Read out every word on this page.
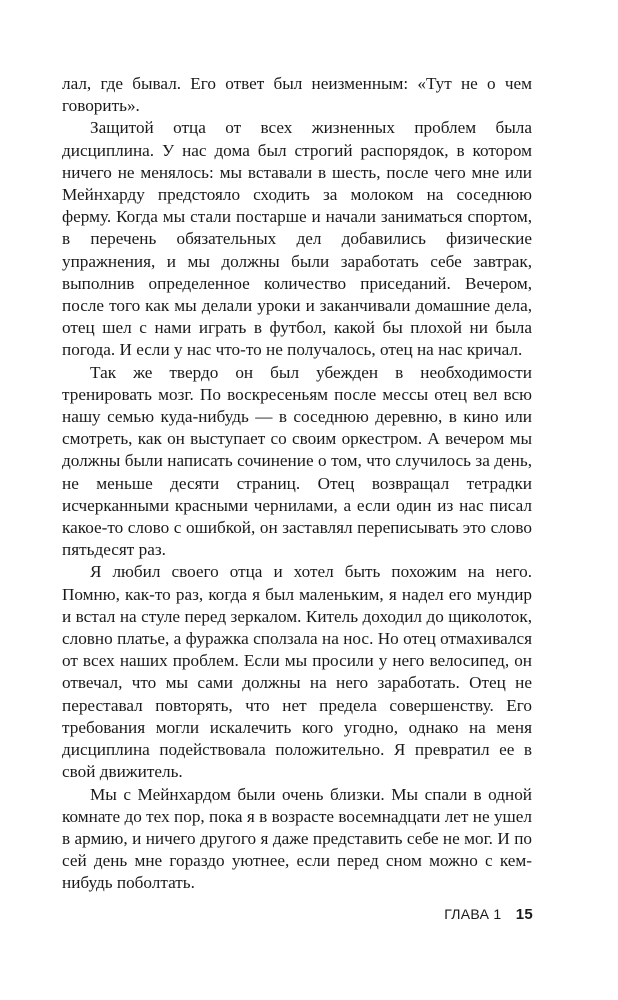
лал, где бывал. Его ответ был неизменным: «Тут не о чем говорить».

Защитой отца от всех жизненных проблем была дисциплина. У нас дома был строгий распорядок, в котором ничего не менялось: мы вставали в шесть, после чего мне или Мейнхарду предстояло сходить за молоком на соседнюю ферму. Когда мы стали постарше и начали заниматься спортом, в перечень обязательных дел добавились физические упражнения, и мы должны были заработать себе завтрак, выполнив определенное количество приседаний. Вечером, после того как мы делали уроки и заканчивали домашние дела, отец шел с нами играть в футбол, какой бы плохой ни была погода. И если у нас что-то не получалось, отец на нас кричал.

Так же твердо он был убежден в необходимости тренировать мозг. По воскресеньям после мессы отец вел всю нашу семью куда-нибудь — в соседнюю деревню, в кино или смотреть, как он выступает со своим оркестром. А вечером мы должны были написать сочинение о том, что случилось за день, не меньше десяти страниц. Отец возвращал тетрадки исчерканными красными чернилами, а если один из нас писал какое-то слово с ошибкой, он заставлял переписывать это слово пятьдесят раз.

Я любил своего отца и хотел быть похожим на него. Помню, как-то раз, когда я был маленьким, я надел его мундир и встал на стуле перед зеркалом. Китель доходил до щиколоток, словно платье, а фуражка сползала на нос. Но отец отмахивался от всех наших проблем. Если мы просили у него велосипед, он отвечал, что мы сами должны на него заработать. Отец не переставал повторять, что нет предела совершенству. Его требования могли искалечить кого угодно, однако на меня дисциплина подействовала положительно. Я превратил ее в свой движитель.

Мы с Мейнхардом были очень близки. Мы спали в одной комнате до тех пор, пока я в возрасте восемнадцати лет не ушел в армию, и ничего другого я даже представить себе не мог. И по сей день мне гораздо уютнее, если перед сном можно с кем-нибудь поболтать.

ГЛАВА 1 15
